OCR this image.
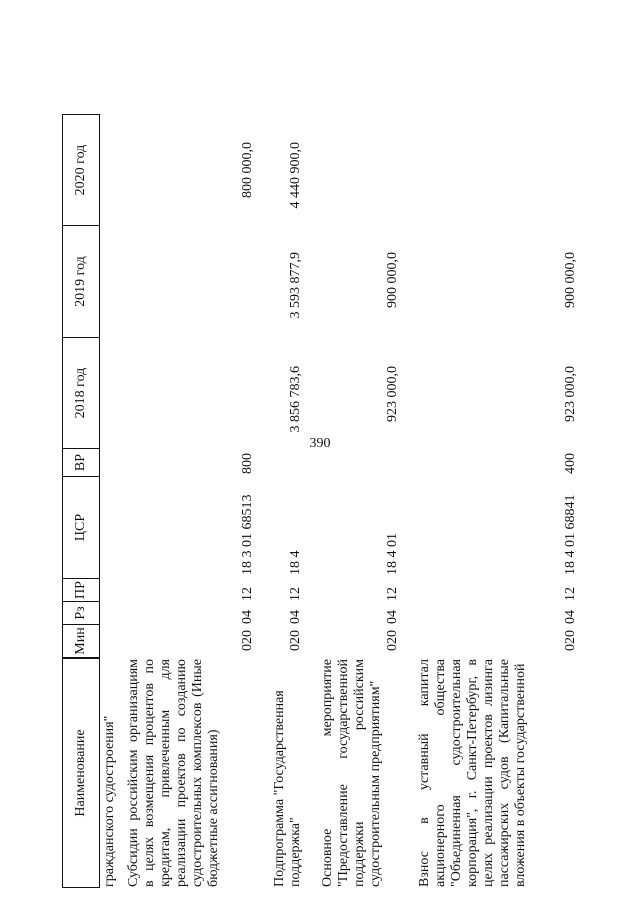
390
Наименование
Мин
Рз
ПР
ЦСР
ВР
2018 год
2019 год
2020 год
гражданского судостроения" Субсидии российским организациям в целях возмещения процентов по кредитам, привлеченным для реализации проектов по созданию судостроительных комплексов (Иные бюджетные ассигнования)
020
04
12
18 3 01 68513
800
800 000,0
Подпрограмма "Государственная поддержка"
020
04
12
18 4
3 856 783,6
3 593 877,9
4 440 900,0
Основное мероприятие "Предоставление государственной поддержки российским судостроительным предприятиям"
020
04
12
18 4 01
923 000,0
900 000,0
Взнос в уставный капитал акционерного общества "Объединенная судостроительная корпорация", г. Санкт-Петербург, в целях реализации проектов лизинга пассажирских судов (Капитальные вложения в объекты государственной
020
04
12
18 4 01 68841
400
923 000,0
900 000,0
